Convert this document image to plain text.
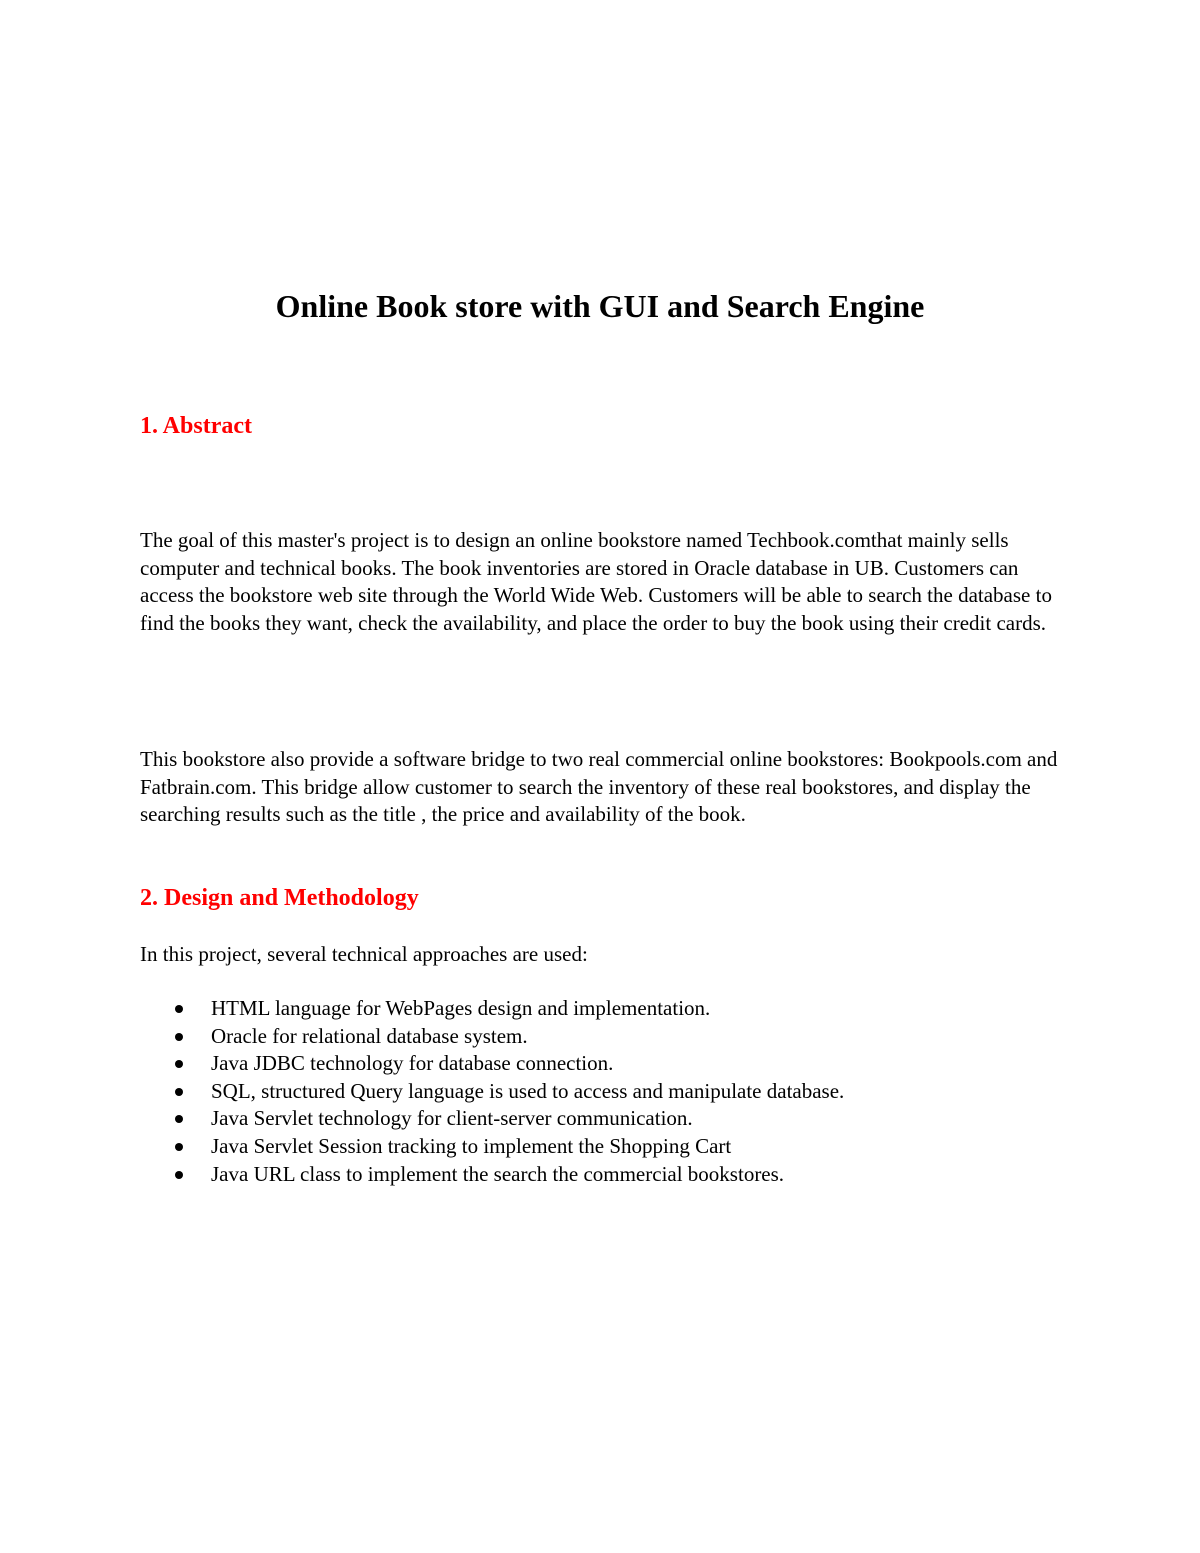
Online Book store with GUI and Search Engine
1. Abstract

The goal of this master's project is to design an online bookstore named Techbook.comthat mainly sells computer and technical books. The book inventories are stored in Oracle database in UB. Customers can access the bookstore web site through the World Wide Web. Customers will be able to search the database to find the books they want, check the availability, and place the order to buy the book using their credit cards.

This bookstore also provide a software bridge to two real commercial online bookstores: Bookpools.com and Fatbrain.com. This bridge allow customer to search the inventory of these real bookstores, and display the searching results such as the title , the price and availability of the book.

2. Design and Methodology

In this project, several technical approaches are used:

HTML language for WebPages design and implementation.
Oracle for relational database system.
Java JDBC technology for database connection.
SQL, structured Query language is used to access and manipulate database.
Java Servlet technology for client-server communication.
Java Servlet Session tracking to implement the Shopping Cart
Java URL class to implement the search the commercial bookstores.
